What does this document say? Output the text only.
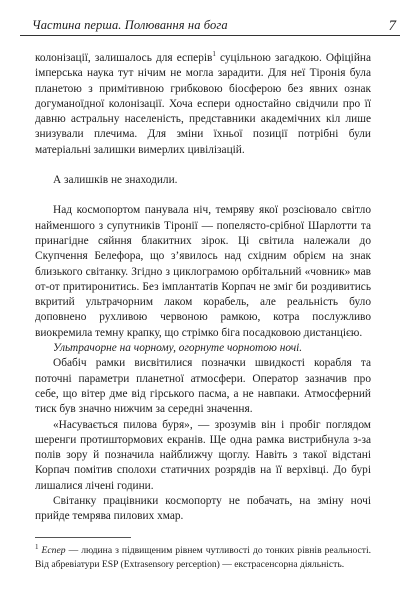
Частина перша. Полювання на бога	7

колонізації, залишалось для есперів$^1$ суцільною загадкою. Офіційна імперська наука тут нічим не могла зарадити. Для неї Тіронія була планетою з примітивною грибковою біосферою без явних ознак догуманоїдної колонізації. Хоча еспери одностайно свідчили про її давню астральну населеність, представники академічних кіл лише знизували плечима. Для зміни їхньої позиції потрібні були матеріальні залишки вимерлих цивілізацій.

А залишків не знаходили.

Над космопортом панувала ніч, темряву якої розсіювало світло найменшого з супутників Тіронії — попелясто-срібної Шарлотти та принагідне сяйння блакитних зірок. Ці світила належали до Скупчення Белефора, що з’явилось над східним обрієм на знак близького світанку. Згідно з циклограмою орбітальний «човник» мав от-от притиронитись. Без імплантатів Корпач не зміг би роздивитись вкритий ультрачорним лаком корабель, але реальність було доповнено рухливою червоною рамкою, котра послужливо виокремила темну крапку, що стрімко біга посадковою дистанцією.

Ультрачорне на чорному, огорнуте чорнотою ночі.

Обабіч рамки висвітилися позначки швидкості корабля та поточні параметри планетної атмосфери. Оператор зазначив про себе, що вітер дме від гірського пасма, а не навпаки. Атмосферний тиск був значно нижчим за середні значення.

«Насувається пилова буря», — зрозумів він і пробіг поглядом шеренги протиштормових екранів. Ще одна рамка вистрибнула з-за полів зору й позначила найближчу щоглу. Навіть з такої відстані Корпач помітив сполохи статичних розрядів на її верхівці. До бурі лишалися лічені години.

Світанку працівники космопорту не побачать, на зміну ночі прийде темрява пилових хмар.

$^1$ Еспер — людина з підвищеним рівнем чутливості до тонких рівнів реальності. Від абревіатури ESP (Extrasensory perception) — екстрасенсорна діяльність.
